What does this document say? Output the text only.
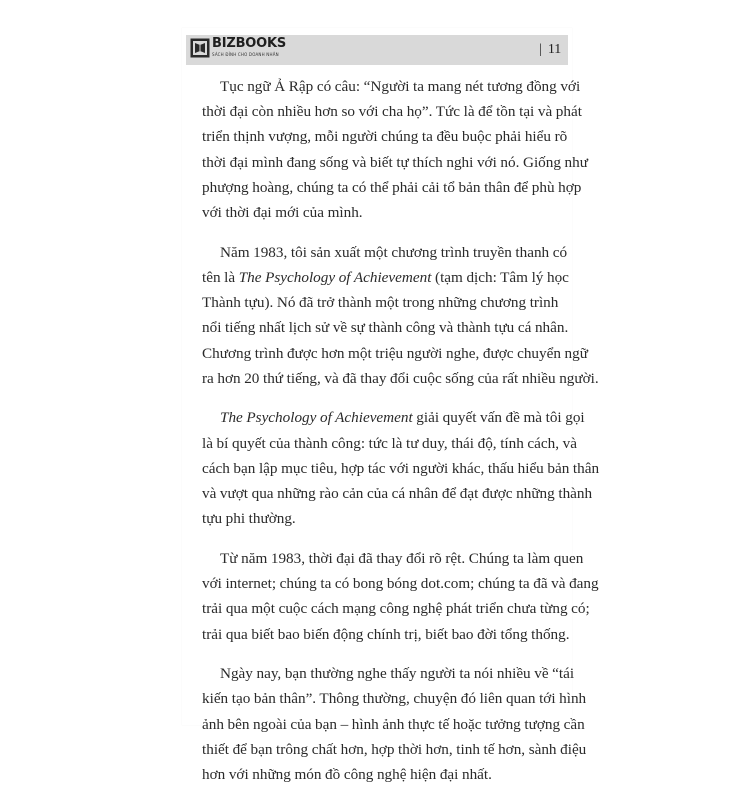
BIZBOOKS
SÁCH ĐỈNH CHO DOANH NHÂN	| 11

Tục ngữ Ả Rập có câu: “Người ta mang nét tương đồng với
thời đại còn nhiều hơn so với cha họ”. Tức là để tồn tại và phát
triển thịnh vượng, mỗi người chúng ta đều buộc phải hiểu rõ
thời đại mình đang sống và biết tự thích nghi với nó. Giống như
phượng hoàng, chúng ta có thể phải cải tổ bản thân để phù hợp
với thời đại mới của mình.

Năm 1983, tôi sản xuất một chương trình truyền thanh có
tên là The Psychology of Achievement (tạm dịch: Tâm lý học
Thành tựu). Nó đã trở thành một trong những chương trình
nổi tiếng nhất lịch sử về sự thành công và thành tựu cá nhân.
Chương trình được hơn một triệu người nghe, được chuyển ngữ
ra hơn 20 thứ tiếng, và đã thay đổi cuộc sống của rất nhiều người.

The Psychology of Achievement giải quyết vấn đề mà tôi gọi
là bí quyết của thành công: tức là tư duy, thái độ, tính cách, và
cách bạn lập mục tiêu, hợp tác với người khác, thấu hiểu bản thân
và vượt qua những rào cản của cá nhân để đạt được những thành
tựu phi thường.

Từ năm 1983, thời đại đã thay đổi rõ rệt. Chúng ta làm quen
với internet; chúng ta có bong bóng dot.com; chúng ta đã và đang
trải qua một cuộc cách mạng công nghệ phát triển chưa từng có;
trải qua biết bao biến động chính trị, biết bao đời tổng thống.

Ngày nay, bạn thường nghe thấy người ta nói nhiều về “tái
kiến tạo bản thân”. Thông thường, chuyện đó liên quan tới hình
ảnh bên ngoài của bạn – hình ảnh thực tế hoặc tưởng tượng cần
thiết để bạn trông chất hơn, hợp thời hơn, tinh tế hơn, sành điệu
hơn với những món đồ công nghệ hiện đại nhất.
